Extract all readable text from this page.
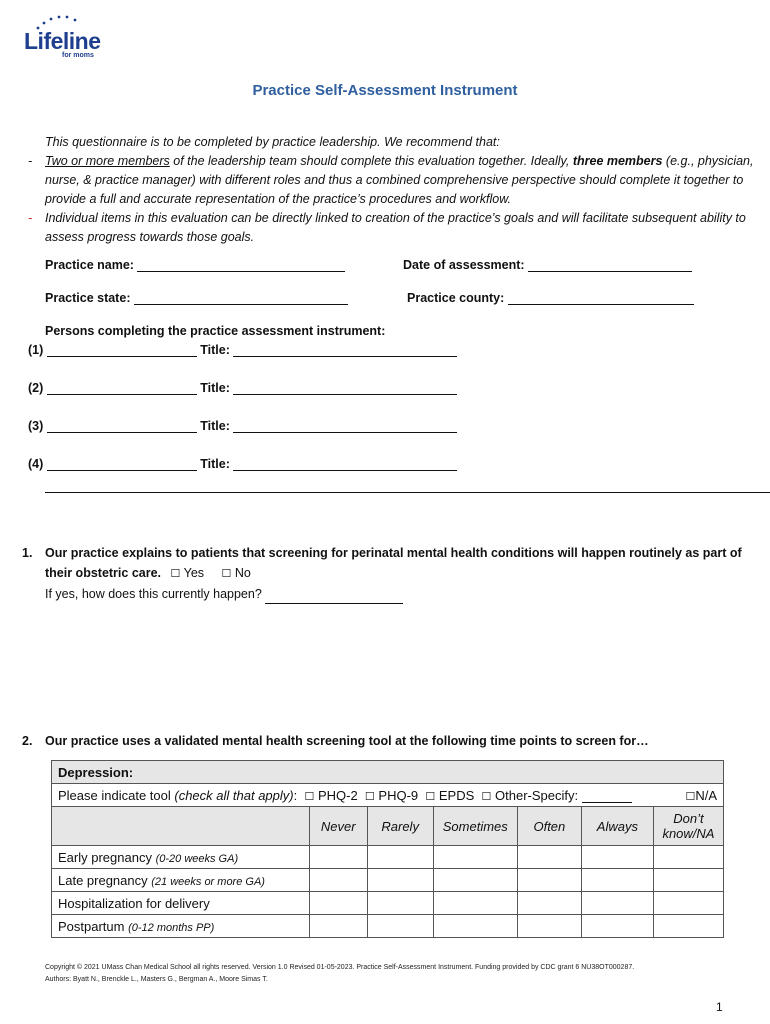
Lifeline
for moms
Practice Self-Assessment Instrument
This questionnaire is to be completed by practice leadership. We recommend that:
- Two or more members of the leadership team should complete this evaluation together. Ideally, three members (e.g., physician, nurse, & practice manager) with different roles and thus a combined comprehensive perspective should complete it together to provide a full and accurate representation of the practice’s procedures and workflow.
- Individual items in this evaluation can be directly linked to creation of the practice’s goals and will facilitate subsequent ability to assess progress towards those goals.
Practice name:	Date of assessment:
Practice state:	Practice county:
Persons completing the practice assessment instrument:
(1)	Title:
(2)	Title:
(3)	Title:
(4)	Title:
1. Our practice explains to patients that screening for perinatal mental health conditions will happen routinely as part of their obstetric care. ☐ Yes ☐ No
If yes, how does this currently happen?
2. Our practice uses a validated mental health screening tool at the following time points to screen for…
Depression:						
Please indicate tool (check all that apply):  ☐ PHQ-2 ☐ PHQ-9 ☐ EPDS ☐ Other-Specify: ☐N/A						

	Never	Rarely	Sometimes	Often	Always	Don’t know/NA
Early pregnancy (0-20 weeks GA)						
Late pregnancy (21 weeks or more GA)						
Hospitalization for delivery						
Postpartum (0-12 months PP)						
Copyright © 2021 UMass Chan Medical School all rights reserved. Version 1.0 Revised 01-05-2023. Practice Self-Assessment Instrument. Funding provided by CDC grant 6 NU38OT000287.
Authors: Byatt N., Brenckle L., Masters G., Bergman A., Moore Simas T.
1
